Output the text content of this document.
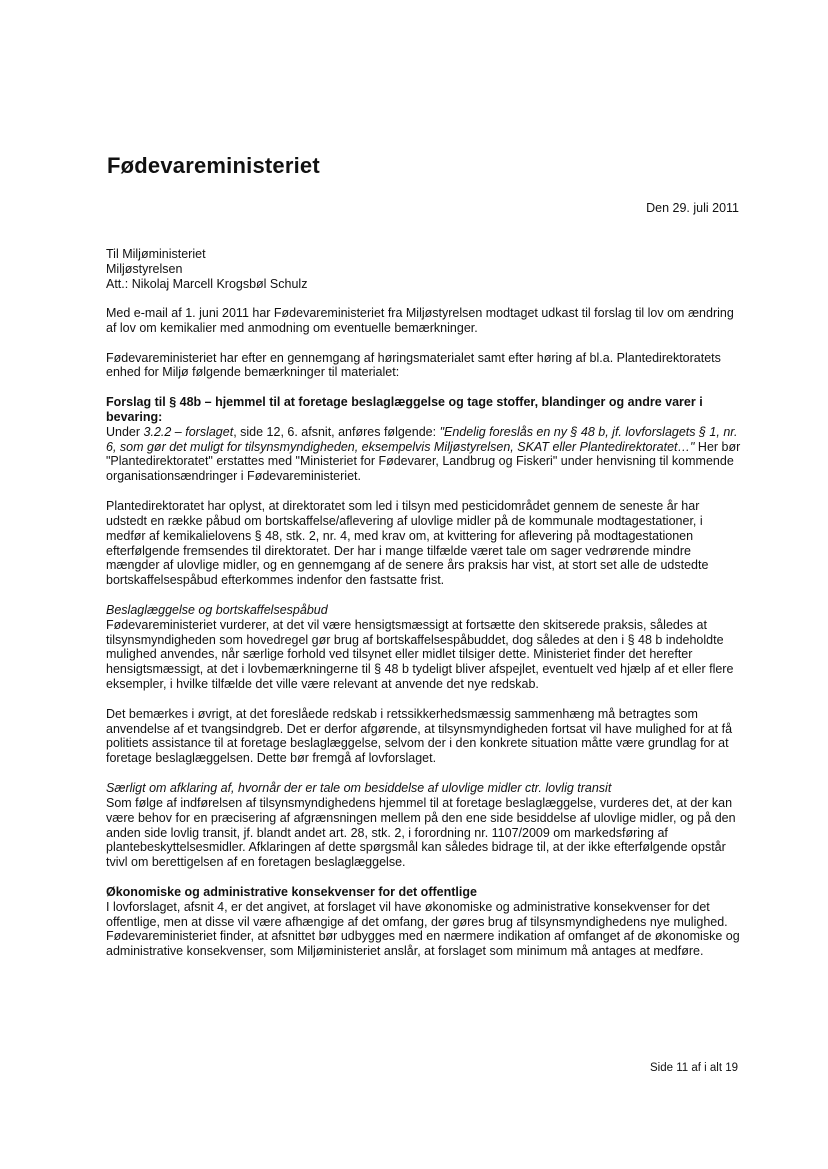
Fødevareministeriet
Den 29. juli 2011

Til Miljøministeriet

Miljøstyrelsen

Att.: Nikolaj Marcell Krogsbøl Schulz

Med e-mail af 1. juni 2011 har Fødevareministeriet fra Miljøstyrelsen modtaget udkast til forslag til lov om ændring af lov om kemikalier med anmodning om eventuelle bemærkninger.

Fødevareministeriet har efter en gennemgang af høringsmaterialet samt efter høring af bl.a. Plantedirektoratets enhed for Miljø følgende bemærkninger til materialet:

Forslag til § 48b – hjemmel til at foretage beslaglæggelse og tage stoffer, blandinger og andre varer i bevaring:

Under 3.2.2 – forslaget, side 12, 6. afsnit, anføres følgende: "Endelig foreslås en ny § 48 b, jf. lovforslagets § 1, nr. 6, som gør det muligt for tilsynsmyndigheden, eksempelvis Miljøstyrelsen, SKAT eller Plantedirektoratet…" Her bør "Plantedirektoratet" erstattes med "Ministeriet for Fødevarer, Landbrug og Fiskeri" under henvisning til kommende organisationsændringer i Fødevareministeriet.

Plantedirektoratet har oplyst, at direktoratet som led i tilsyn med pesticidområdet gennem de seneste år har udstedt en række påbud om bortskaffelse/aflevering af ulovlige midler på de kommunale modtagestationer, i medfør af kemikalielovens § 48, stk. 2, nr. 4, med krav om, at kvittering for aflevering på modtagestationen efterfølgende fremsendes til direktoratet. Der har i mange tilfælde været tale om sager vedrørende mindre mængder af ulovlige midler, og en gennemgang af de senere års praksis har vist, at stort set alle de udstedte bortskaffelsespåbud efterkommes indenfor den fastsatte frist.

Beslaglæggelse og bortskaffelsespåbud

Fødevareministeriet vurderer, at det vil være hensigtsmæssigt at fortsætte den skitserede praksis, således at tilsynsmyndigheden som hovedregel gør brug af bortskaffelsespåbuddet, dog således at den i § 48 b indeholdte mulighed anvendes, når særlige forhold ved tilsynet eller midlet tilsiger dette. Ministeriet finder det herefter hensigtsmæssigt, at det i lovbemærkningerne til § 48 b tydeligt bliver afspejlet, eventuelt ved hjælp af et eller flere eksempler, i hvilke tilfælde det ville være relevant at anvende det nye redskab.

Det bemærkes i øvrigt, at det foreslåede redskab i retssikkerhedsmæssig sammenhæng må betragtes som anvendelse af et tvangsindgreb. Det er derfor afgørende, at tilsynsmyndigheden fortsat vil have mulighed for at få politiets assistance til at foretage beslaglæggelse, selvom der i den konkrete situation måtte være grundlag for at foretage beslaglæggelsen. Dette bør fremgå af lovforslaget.

Særligt om afklaring af, hvornår der er tale om besiddelse af ulovlige midler ctr. lovlig transit

Som følge af indførelsen af tilsynsmyndighedens hjemmel til at foretage beslaglæggelse, vurderes det, at der kan være behov for en præcisering af afgrænsningen mellem på den ene side besiddelse af ulovlige midler, og på den anden side lovlig transit, jf. blandt andet art. 28, stk. 2, i forordning nr. 1107/2009 om markedsføring af plantebeskyttelsesmidler. Afklaringen af dette spørgsmål kan således bidrage til, at der ikke efterfølgende opstår tvivl om berettigelsen af en foretagen beslaglæggelse.

Økonomiske og administrative konsekvenser for det offentlige

I lovforslaget, afsnit 4, er det angivet, at forslaget vil have økonomiske og administrative konsekvenser for det offentlige, men at disse vil være afhængige af det omfang, der gøres brug af tilsynsmyndighedens nye mulighed. Fødevareministeriet finder, at afsnittet bør udbygges med en nærmere indikation af omfanget af de økonomiske og administrative konsekvenser, som Miljøministeriet anslår, at forslaget som minimum må antages at medføre.

Side 11 af i alt 19
